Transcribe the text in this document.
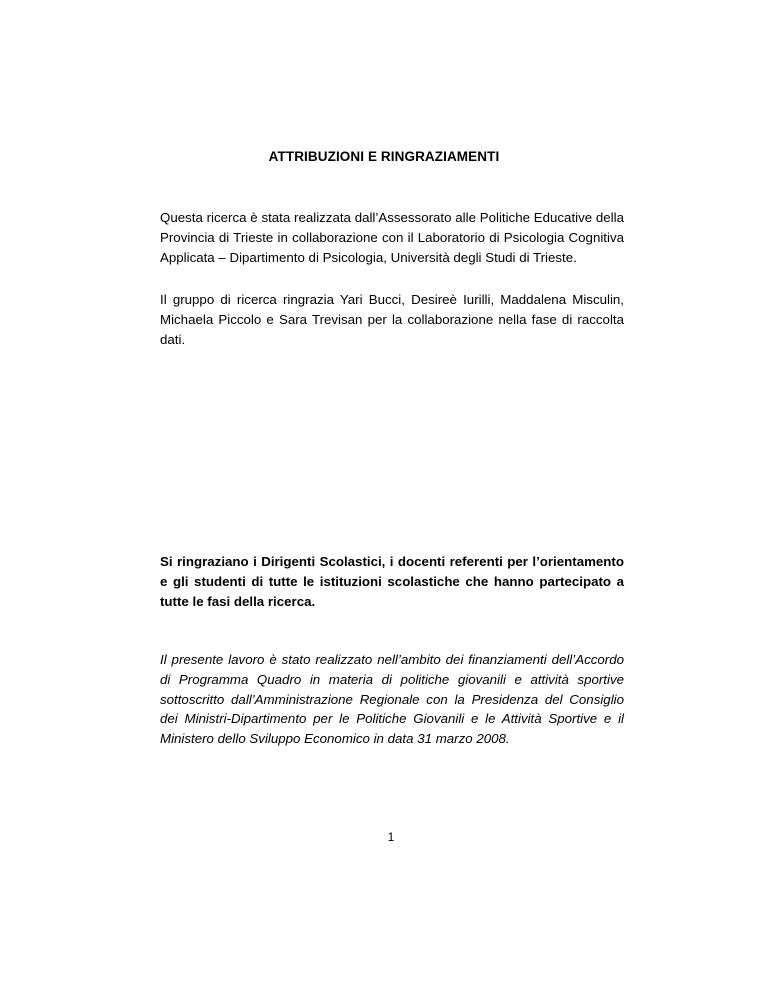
ATTRIBUZIONI E RINGRAZIAMENTI

Questa ricerca è stata realizzata dall’Assessorato alle Politiche Educative della Provincia di Trieste in collaborazione con il Laboratorio di Psicologia Cognitiva Applicata – Dipartimento di Psicologia, Università degli Studi di Trieste.

Il gruppo di ricerca ringrazia Yari Bucci, Desireè Iurilli, Maddalena Misculin, Michaela Piccolo e Sara Trevisan per la collaborazione nella fase di raccolta dati.

Si ringraziano i Dirigenti Scolastici, i docenti referenti per l’orientamento e gli studenti di tutte le istituzioni scolastiche che hanno partecipato a tutte le fasi della ricerca.

Il presente lavoro è stato realizzato nell’ambito dei finanziamenti dell’Accordo di Programma Quadro in materia di politiche giovanili e attività sportive sottoscritto dall’Amministrazione Regionale con la Presidenza del Consiglio dei Ministri-Dipartimento per le Politiche Giovanili e le Attività Sportive e il Ministero dello Sviluppo Economico in data 31 marzo 2008.

1
